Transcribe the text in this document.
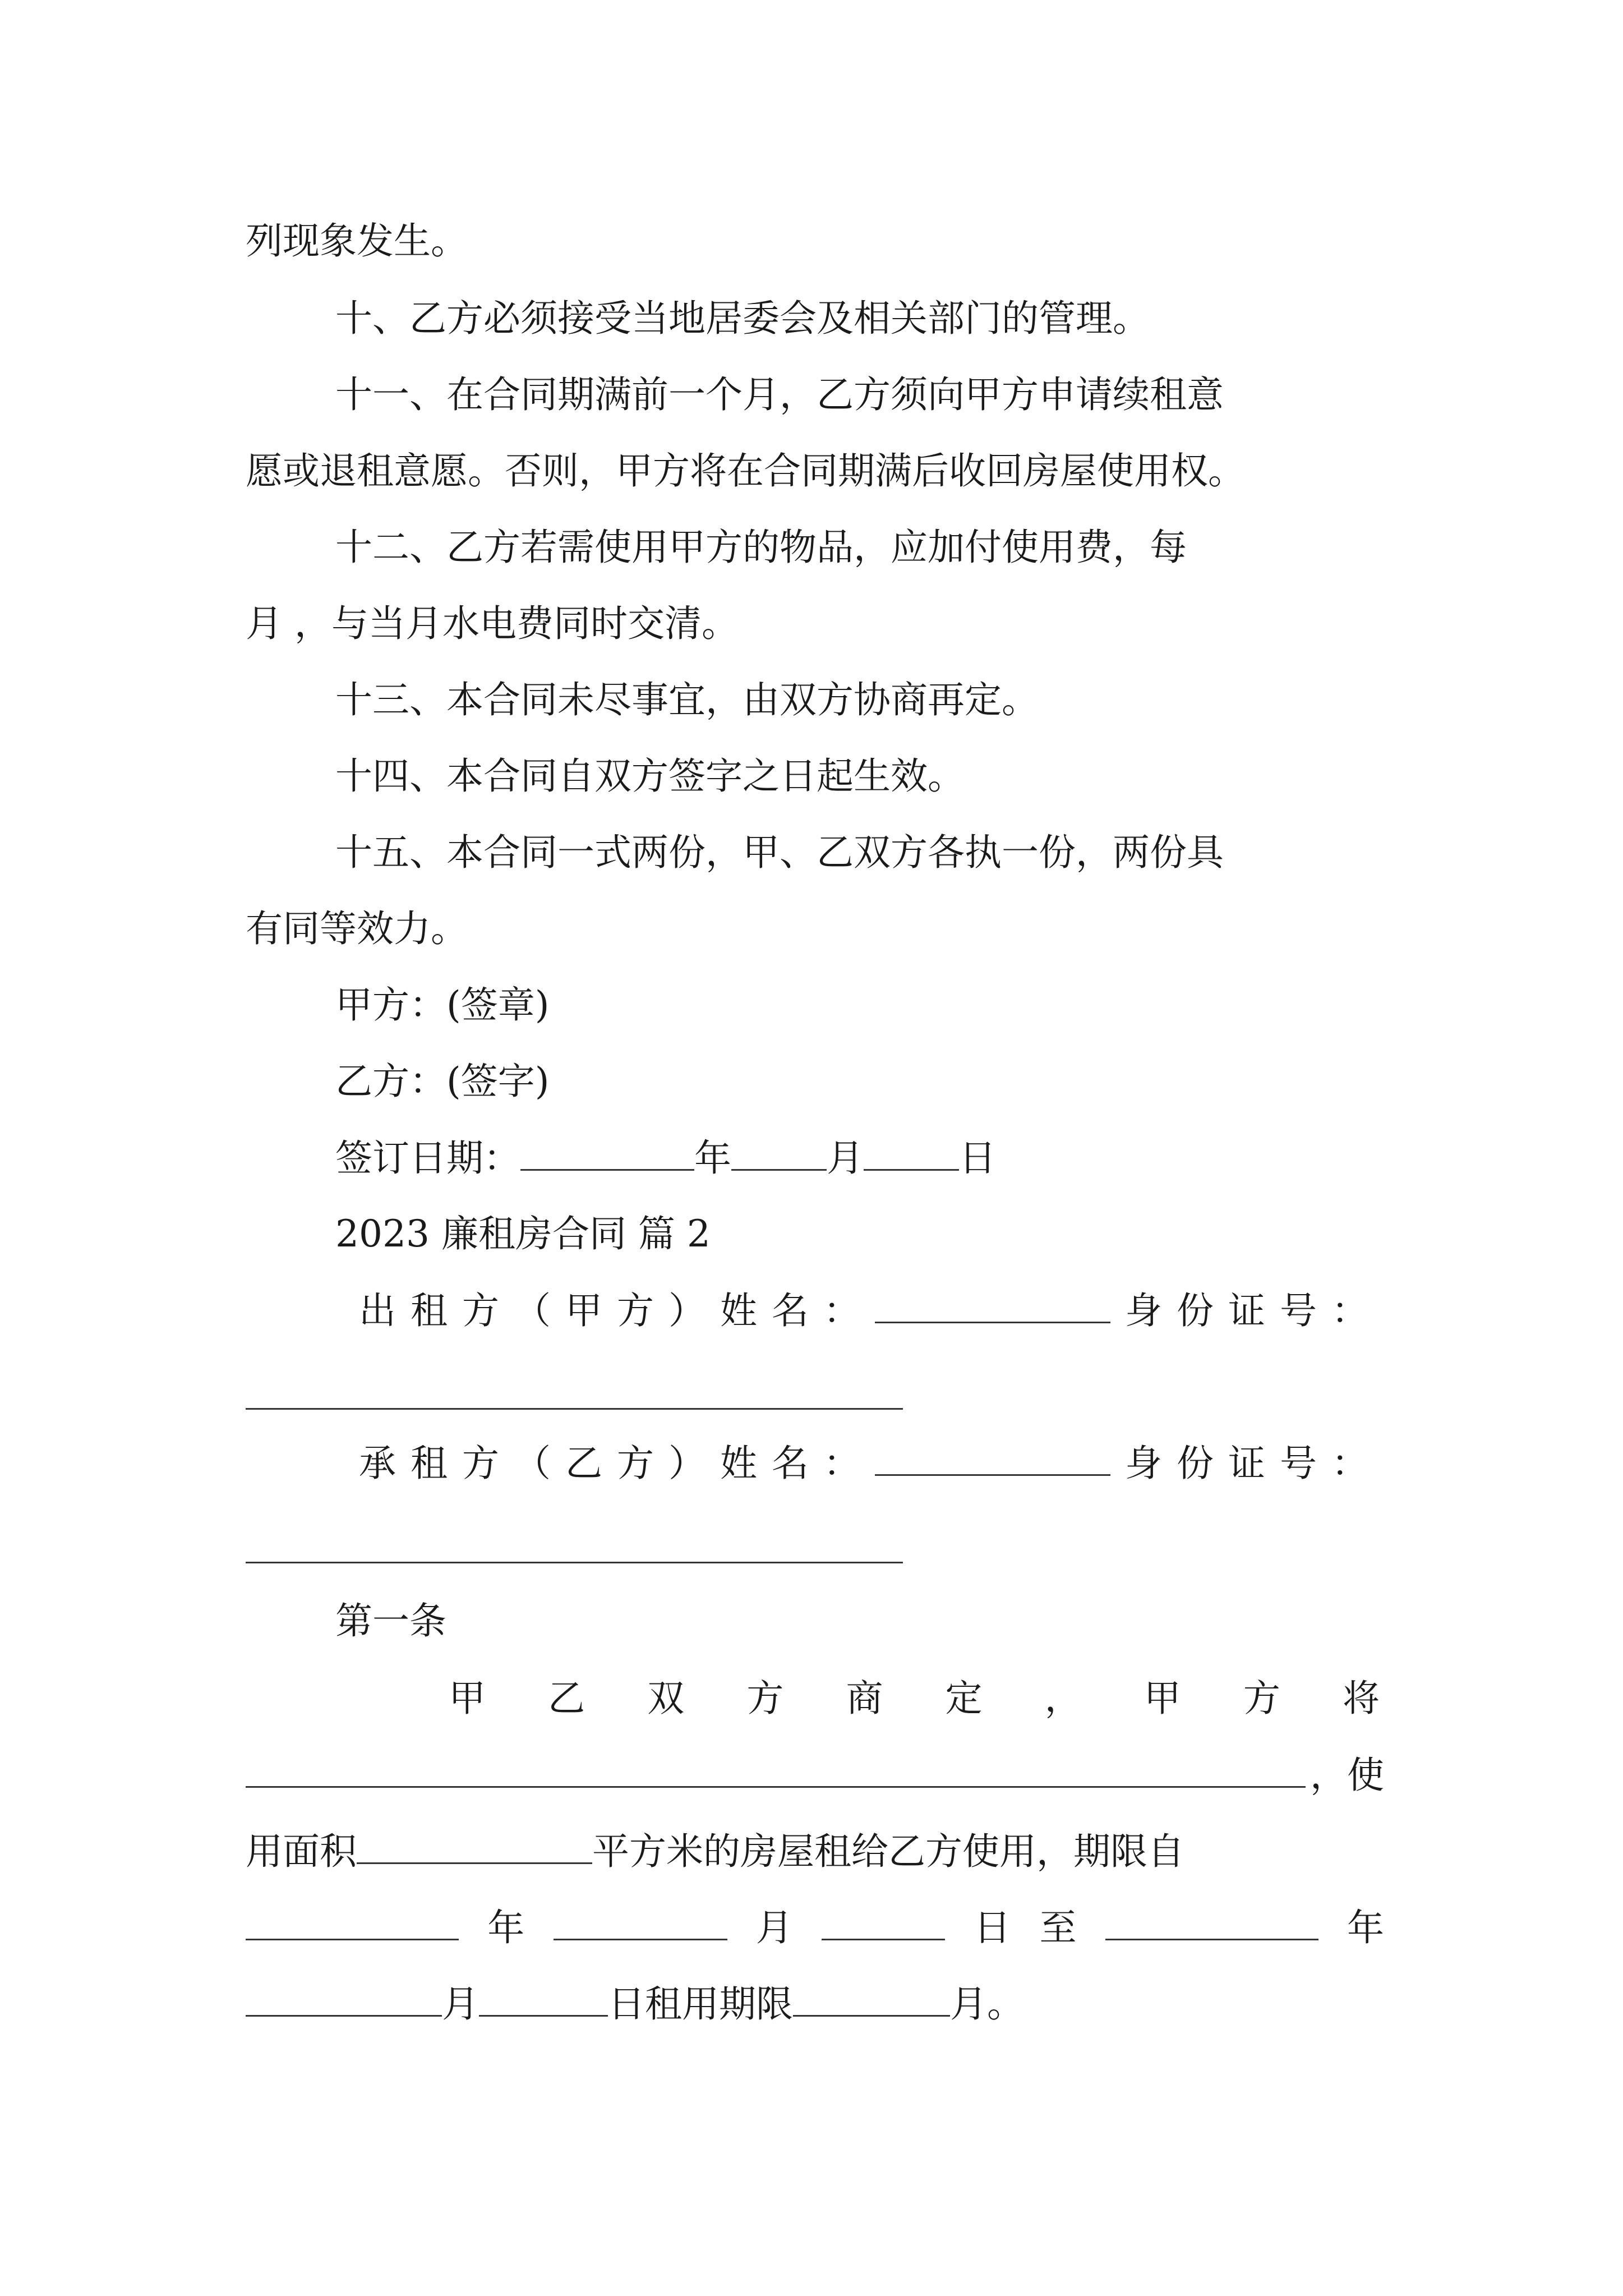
列现象发生。
十、乙方必须接受当地居委会及相关部门的管理。
十一、在合同期满前一个月，乙方须向甲方申请续租意
愿或退租意愿。否则，甲方将在合同期满后收回房屋使用权。
十二、乙方若需使用甲方的物品，应加付使用费，每
月 ，与当月水电费同时交清。
十三、本合同未尽事宜，由双方协商再定。
十四、本合同自双方签字之日起生效。
十五、本合同一式两份，甲、乙双方各执一份，两份具
有同等效力。
甲方：(签章)
乙方：(签字)
签订日期：	年	月	日
2023 廉租房合同 篇 2
出 租 方 （ 甲 方 ） 姓 名 ：	身 份 证 号 ：
承 租 方 （ 乙 方 ） 姓 名 ：	身 份 证 号 ：
第一条
甲 乙 双 方 商 定 ， 甲 方 将
，使
用面积	平方米的房屋租给乙方使用，期限自
年	月	日 至	年
月	日租用期限	月。
